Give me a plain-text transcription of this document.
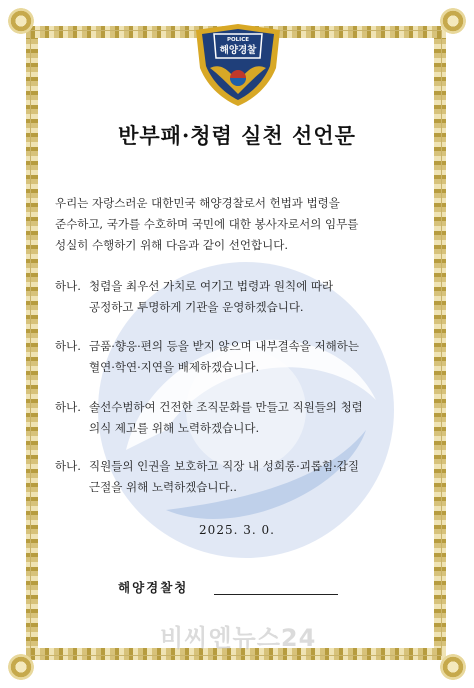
POLICE
해양경찰
반부패·청렴 실천 선언문
우리는 자랑스러운 대한민국 해양경찰로서 헌법과 법령을
준수하고, 국가를 수호하며 국민에 대한 봉사자로서의 임무를
성실히 수행하기 위해 다음과 같이 선언합니다.
하나. 청렴을 최우선 가치로 여기고 법령과 원칙에 따라
공정하고 투명하게 기관을 운영하겠습니다.
하나. 금품·향응·편의 등을 받지 않으며 내부결속을 저해하는
혈연·학연·지연을 배제하겠습니다.
하나. 솔선수범하여 건전한 조직문화를 만들고 직원들의 청렴
의식 제고를 위해 노력하겠습니다.
하나. 직원들의 인권을 보호하고 직장 내 성희롱·괴롭힘·갑질
근절을 위해 노력하겠습니다..
2025. 3. 0.
해양경찰청
비씨엔뉴스24
